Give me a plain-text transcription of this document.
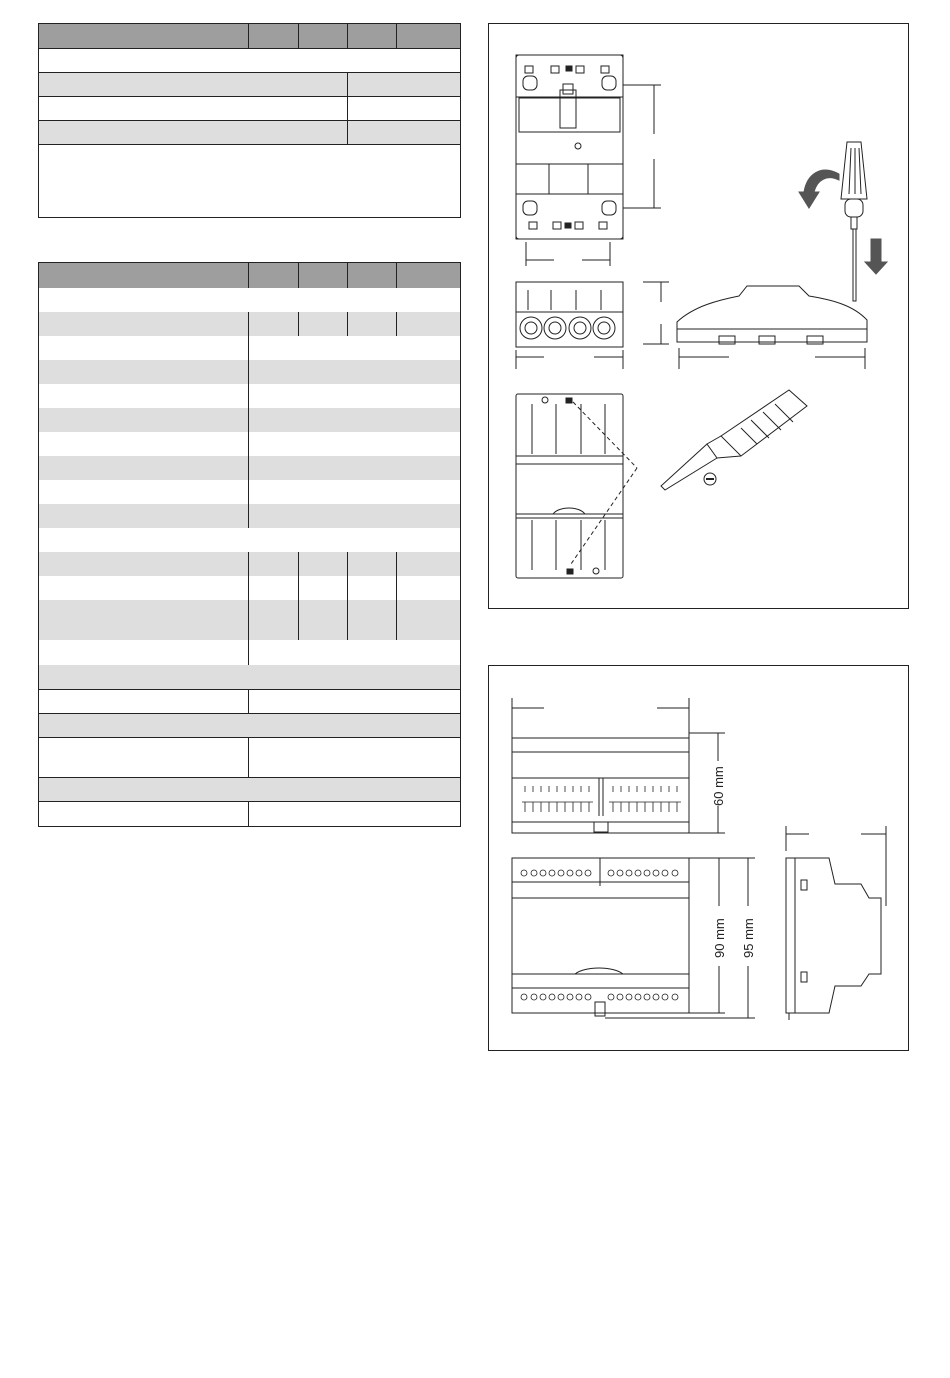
60 mm
90 mm 95 mm
